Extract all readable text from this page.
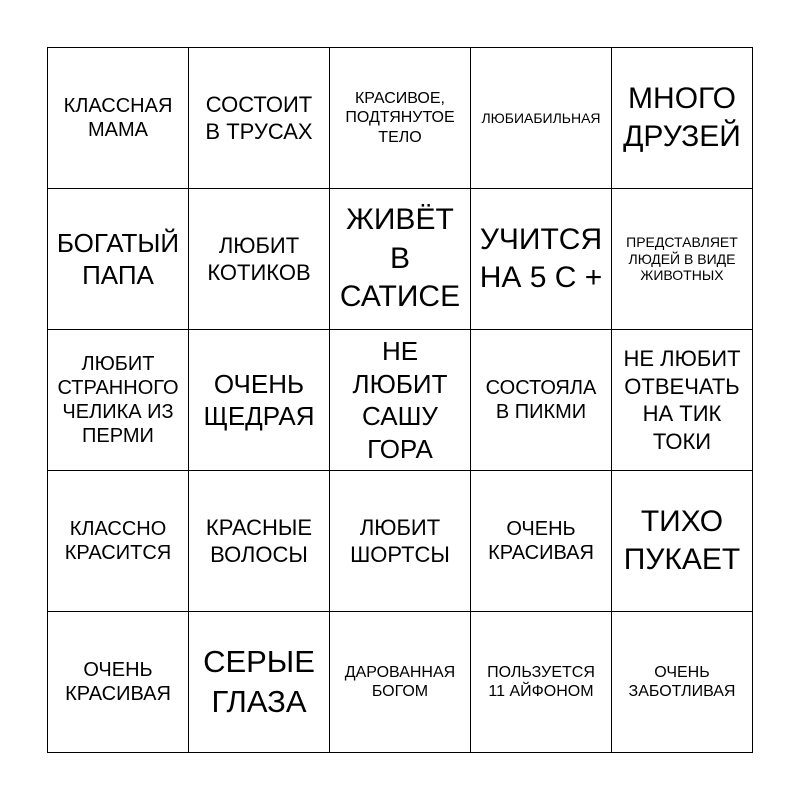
КЛАССНАЯ
МАМА
СОСТОИТ
В ТРУСАХ
КРАСИВОЕ,
ПОДТЯНУТОЕ
ТЕЛО
ЛЮБИАБИЛЬНАЯ
МНОГО
ДРУЗЕЙ
БОГАТЫЙ
ПАПА
ЛЮБИТ
КОТИКОВ
ЖИВЁТ
В
САТИСЕ
УЧИТСЯ
НА 5 С +
ПРЕДСТАВЛЯЕТ
ЛЮДЕЙ В ВИДЕ
ЖИВОТНЫХ
ЛЮБИТ
СТРАННОГО
ЧЕЛИКА ИЗ
ПЕРМИ
ОЧЕНЬ
ЩЕДРАЯ
НЕ
ЛЮБИТ
САШУ
ГОРА
СОСТОЯЛА
В ПИКМИ
НЕ ЛЮБИТ
ОТВЕЧАТЬ
НА ТИК
ТОКИ
КЛАССНО
КРАСИТСЯ
КРАСНЫЕ
ВОЛОСЫ
ЛЮБИТ
ШОРТСЫ
ОЧЕНЬ
КРАСИВАЯ
ТИХО
ПУКАЕТ
ОЧЕНЬ
КРАСИВАЯ
СЕРЫЕ
ГЛАЗА
ДАРОВАННАЯ
БОГОМ
ПОЛЬЗУЕТСЯ
11 АЙФОНОМ
ОЧЕНЬ
ЗАБОТЛИВАЯ
